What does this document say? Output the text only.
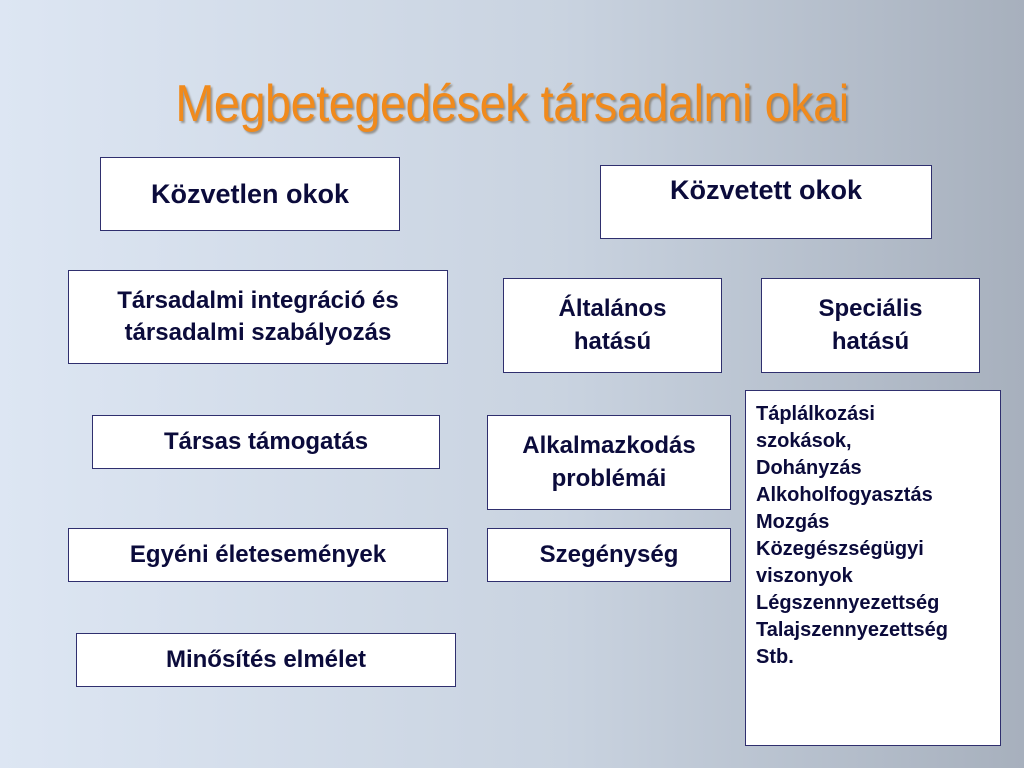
Megbetegedések társadalmi okai
Közvetlen okok
Társadalmi integráció és
társadalmi szabályozás
Társas támogatás
Egyéni életesemények
Minősítés elmélet
Közvetett okok
Általános
hatású
Speciális
hatású
Alkalmazkodás
problémái
Szegénység
Táplálkozási
szokások,
Dohányzás
Alkoholfogyasztás
Mozgás
Közegészségügyi
viszonyok
Légszennyezettség
Talajszennyezettség
Stb.
